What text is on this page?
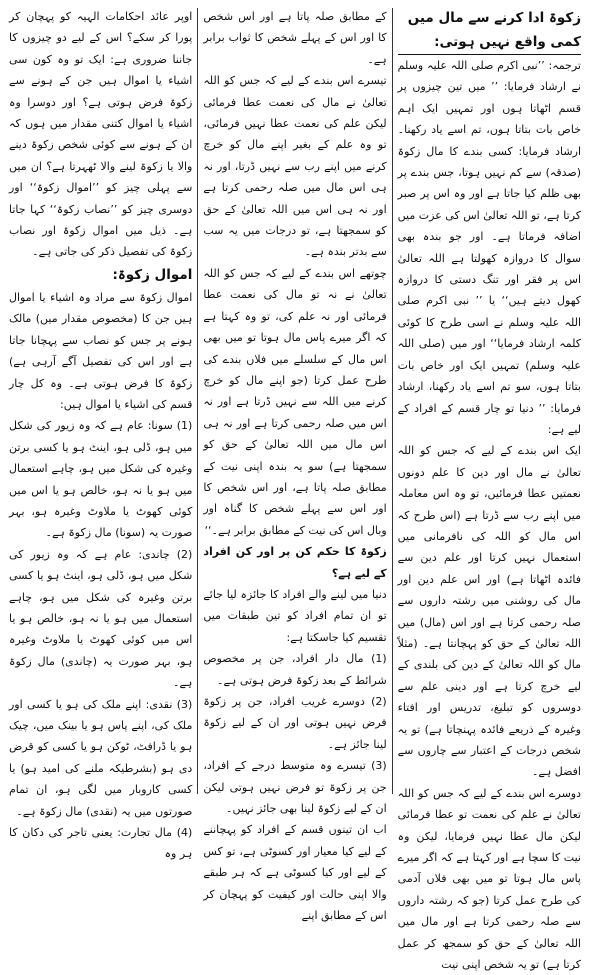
زکوۃ ادا کرنے سے مال میں کمی واقع نہیں ہوتی:

ترجمہ: ’’نبی اکرم صلی اللہ علیہ وسلم نے ارشاد فرمایا: ’’ میں تین چیزوں پر قسم اٹھاتا ہوں اور تمہیں ایک اہم خاص بات بتاتا ہوں، تم اسے یاد رکھنا۔ ارشاد فرمایا: کسی بندے کا مال زکوۃ (صدقہ) سے کم نہیں ہوتا، جس بندے پر بھی ظلم کیا جاتا ہے اور وہ اس پر صبر کرتا ہے، تو اللہ تعالیٰ اس کی عزت میں اضافہ فرماتا ہے۔ اور جو بندہ بھی سوال کا دروازہ کھولتا ہے اللہ تعالیٰ اس پر فقر اور تنگ دستی کا دروازہ کھول دیتے ہیں‘‘ یا ’’ نبی اکرم صلی اللہ علیہ وسلم نے اسی طرح کا کوئی کلمہ ارشاد فرمایا‘‘ اور میں (صلی اللہ علیہ وسلم) تمہیں ایک اور خاص بات بتاتا ہوں، سو تم اسے یاد رکھنا، ارشاد فرمایا: ’’ دنیا تو چار قسم کے افراد کے لیے ہے:

ایک اس بندے کے لیے کہ جس کو اللہ تعالیٰ نے مال اور دین کا علم دونوں نعمتیں عطا فرمائیں، تو وہ اس معاملہ میں اپنے رب سے ڈرتا ہے (اس طرح کہ اس مال کو اللہ کی نافرمانی میں استعمال نہیں کرتا اور علم دین سے فائدہ اٹھاتا ہے) اور اس علم دین اور مال کی روشنی میں رشتہ داروں سے صلہ رحمی کرتا ہے اور اس (مال) میں اللہ تعالیٰ کے حق کو پہچانتا ہے۔ (مثلاً مال کو اللہ تعالیٰ کے دین کی بلندی کے لیے خرچ کرتا ہے اور دینی علم سے دوسروں کو تبلیغ، تدریس اور افتاء وغیرہ کے ذریعے فائدہ پہنچاتا ہے) تو یہ شخص درجات کے اعتبار سے چاروں سے افضل ہے۔

دوسرے اس بندے کے لیے کہ جس کو اللہ تعالیٰ نے علم کی نعمت تو عطا فرمائی لیکن مال عطا نہیں فرمایا، لیکن وہ نیت کا سچا ہے اور کہتا ہے کہ اگر میرے پاس مال ہوتا تو میں بھی فلاں آدمی کی طرح عمل کرتا (جو کہ رشتہ داروں سے صلہ رحمی کرتا ہے اور مال میں اللہ تعالیٰ کے حق کو سمجھ کر عمل کرتا ہے) تو یہ شخص اپنی نیت

کے مطابق صلہ پاتا ہے اور اس شخص کا اور اس کے پہلے شخص کا ثواب برابر ہے۔

تیسرے اس بندے کے لیے کہ جس کو اللہ تعالیٰ نے مال کی نعمت عطا فرمائی لیکن علم کی نعمت عطا نہیں فرمائی، تو وہ علم کے بغیر اپنے مال کو خرچ کرنے میں اپنے رب سے نہیں ڈرتا، اور نہ ہی اس مال میں صلہ رحمی کرتا ہے اور نہ ہی اس میں اللہ تعالیٰ کے حق کو سمجھتا ہے، تو درجات میں یہ سب سے بدتر بندہ ہے۔

چوتھے اس بندے کے لیے کہ جس کو اللہ تعالیٰ نے نہ تو مال کی نعمت عطا فرمائی اور نہ علم کی، تو وہ کہتا ہے کہ اگر میرے پاس مال ہوتا تو میں بھی اس مال کے سلسلے میں فلاں بندے کی طرح عمل کرتا (جو اپنے مال کو خرچ کرنے میں اللہ سے نہیں ڈرتا ہے اور نہ اس میں صلہ رحمی کرتا ہے اور نہ ہی اس مال میں اللہ تعالیٰ کے حق کو سمجھتا ہے) سو یہ بندہ اپنی نیت کے مطابق صلہ پاتا ہے، اور اس شخص کا اور اس سے پہلے شخص کا گناہ اور وبال اس کی نیت کے مطابق برابر ہے۔‘‘

زکوۃ کا حکم کن پر اور کن افراد کے لیے ہے؟

دنیا میں لینے والے افراد کا جائزہ لیا جائے تو ان تمام افراد کو تین طبقات میں تقسیم کیا جاسکتا ہے:

(1) مال دار افراد، جن پر مخصوص شرائط کے بعد زکوۃ فرض ہوتی ہے۔

(2) دوسرے غریب افراد، جن پر زکوۃ فرض نہیں ہوتی اور ان کے لیے زکوۃ لینا جائز ہے۔

(3) تیسرے وہ متوسط درجے کے افراد، جن پر زکوۃ تو فرض نہیں ہوتی لیکن ان کے لیے زکوۃ لینا بھی جائز نہیں۔

اب ان تینوں قسم کے افراد کو پہچاننے کے لیے کیا معیار اور کسوٹی ہے، تو کس کے لیے اور کیا کسوٹی ہے کہ ہر طبقے والا اپنی حالت اور کیفیت کو پہچان کر اس کے مطابق اپنے

اوپر عائد احکامات الہیہ کو پہچان کر پورا کر سکے؟ اس کے لیے دو چیزوں کا جاننا ضروری ہے: ایک تو وہ کون سی اشیاء یا اموال ہیں جن کے ہونے سے زکوۃ فرض ہوتی ہے؟ اور دوسرا وہ اشیاء یا اموال کتنی مقدار میں ہوں کہ ان کے ہونے سے کوئی شخص زکوۃ دینے والا یا زکوۃ لینے والا ٹھہرتا ہے؟ ان میں سے پہلی چیز کو ’’اموال زکوۃ‘‘ اور دوسری چیز کو ’’نصاب زکوۃ‘‘ کہا جاتا ہے۔ ذیل میں اموال زکوۃ اور نصاب زکوۃ کی تفصیل ذکر کی جاتی ہے۔

اموال زکوۃ:

اموال زکوۃ سے مراد وہ اشیاء یا اموال ہیں جن کا (مخصوص مقدار میں) مالک ہونے پر جس کو نصاب سے پہچانا جاتا ہے اور اس کی تفصیل آگے آرہی ہے) زکوۃ کا فرض ہوتی ہے۔ وہ کل چار قسم کی اشیاء یا اموال ہیں:

(1) سونا: عام ہے کہ وہ زیور کی شکل میں ہو، ڈلی ہو، اینٹ ہو یا کسی برتن وغیرہ کی شکل میں ہو، چاہے استعمال میں ہو یا نہ ہو، خالص ہو یا اس میں کوئی کھوٹ یا ملاوٹ وغیرہ ہو، بہر صورت یہ (سونا) مال زکوۃ ہے۔

(2) چاندی: عام ہے کہ وہ زیور کی شکل میں ہو، ڈلی ہو، اینٹ ہو یا کسی برتن وغیرہ کی شکل میں ہو، چاہے استعمال میں ہو یا نہ ہو، خالص ہو یا اس میں کوئی کھوٹ یا ملاوٹ وغیرہ ہو، بہر صورت یہ (چاندی) مال زکوۃ ہے۔

(3) نقدی: اپنے ملک کی ہو یا کسی اور ملک کی، اپنے پاس ہو یا بینک میں، چیک ہو یا ڈرافٹ، ٹوکن ہو یا کسی کو قرض دی ہو (بشرطیکہ ملنے کی امید ہو) یا کسی کاروبار میں لگی ہو، ان تمام صورتوں میں یہ (نقدی) مال زکوۃ ہے۔

(4) مال تجارت: یعنی تاجر کی دکان کا ہر وہ
